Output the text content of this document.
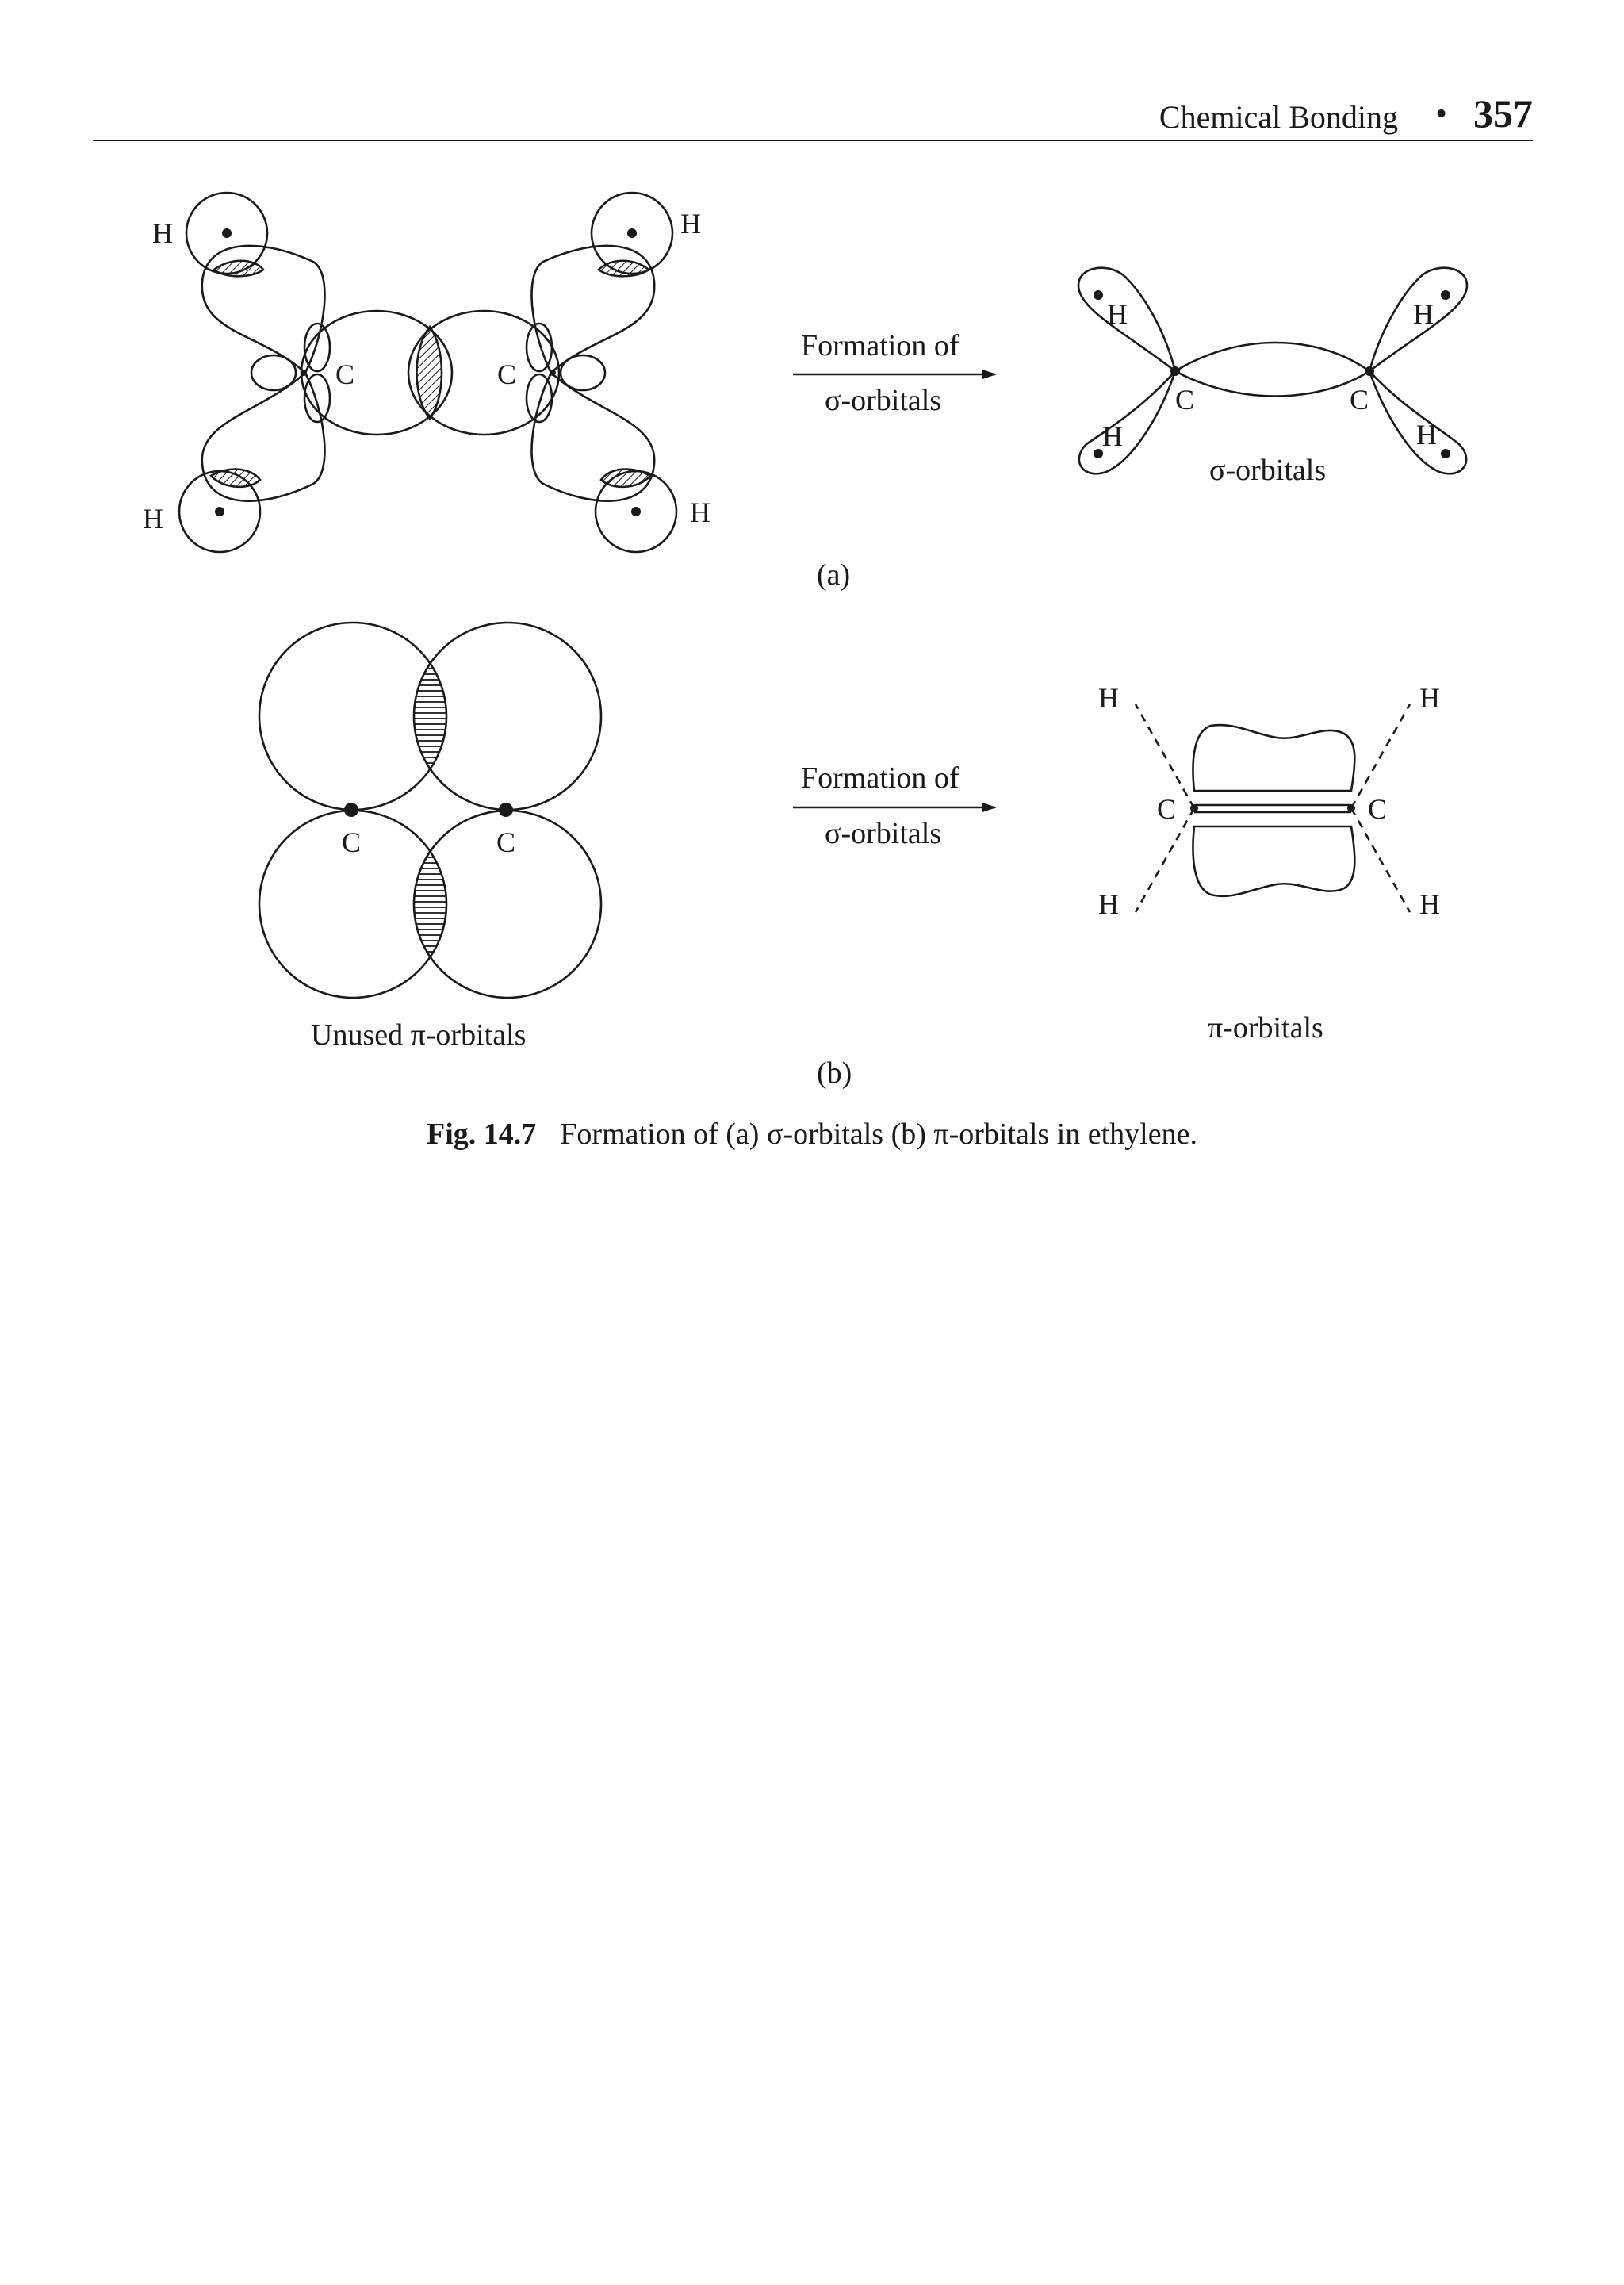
Chemical Bonding • 357
H	H
H	H
C	C
Formation of
σ-orbitals
H	H
H	H
C	C
σ-orbitals
(a)
C	C
Unused π-orbitals
Formation of
σ-orbitals
H	H
H	H
C	C
π-orbitals
(b)
Fig. 14.7 Formation of (a) σ-orbitals (b) π-orbitals in ethylene.
